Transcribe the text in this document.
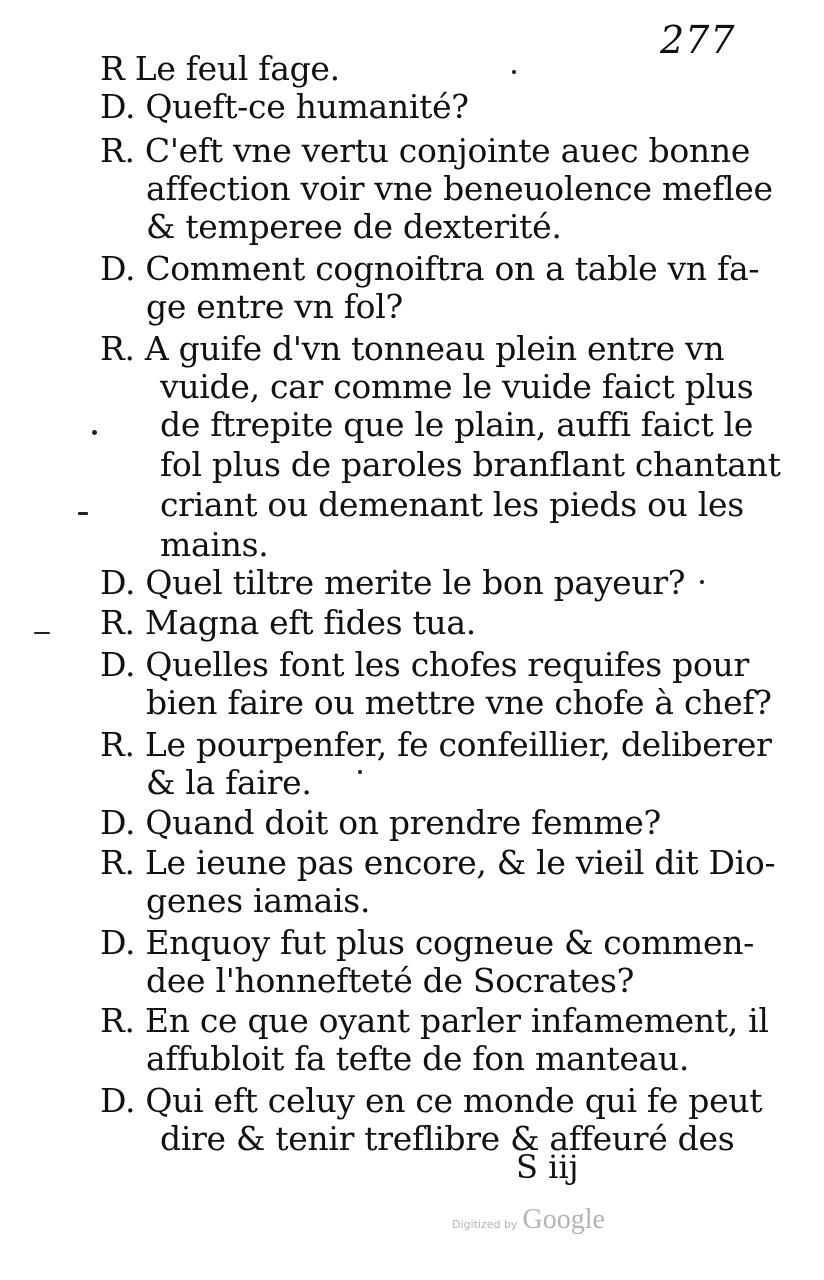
277
R Le feul fage.
D. Queft-ce humanité?
R. C'eft vne vertu conjointe auec bonne
affection voir vne beneuolence meflee
& temperee de dexterité.
D. Comment cognoiftra on a table vn fa-
ge entre vn fol?
R. A guife d'vn tonneau plein entre vn
vuide, car comme le vuide faict plus
de ftrepite que le plain, auffi faict le
fol plus de paroles branflant chantant
criant ou demenant les pieds ou les
mains.
D. Quel tiltre merite le bon payeur?
R. Magna eft fides tua.
D. Quelles font les chofes requifes pour
bien faire ou mettre vne chofe à chef?
R. Le pourpenfer, fe confeillier, deliberer
& la faire.
D. Quand doit on prendre femme?
R. Le ieune pas encore, & le vieil dit Dio-
genes iamais.
D. Enquoy fut plus cogneue & commen-
dee l'honnefteté de Socrates?
R. En ce que oyant parler infamement, il
affubloit fa tefte de fon manteau.
D. Qui eft celuy en ce monde qui fe peut
dire & tenir treflibre & affeuré des
S iij
Digitized by Google
